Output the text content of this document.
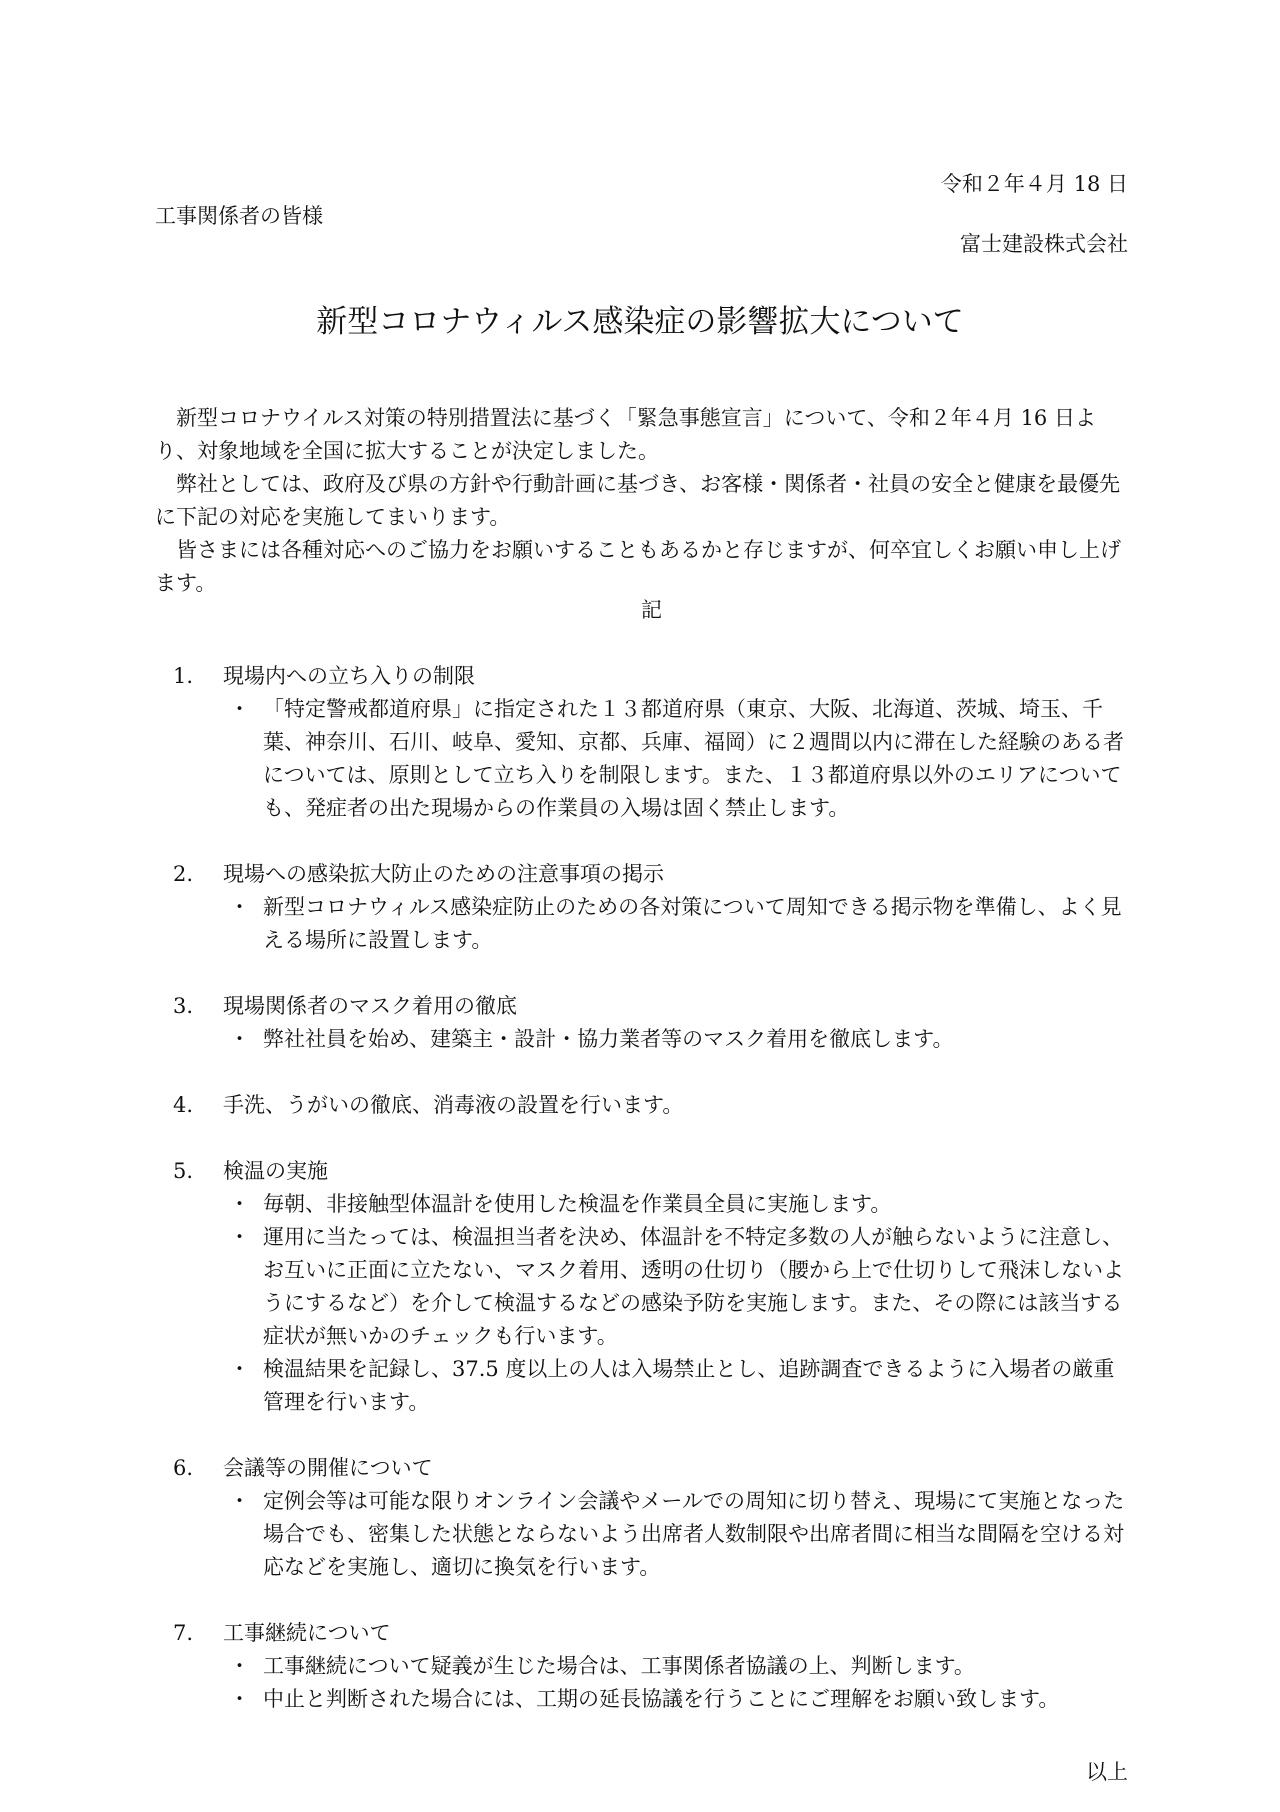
令和２年４月 18 日
工事関係者の皆様
富士建設株式会社
新型コロナウィルス感染症の影響拡大について

新型コロナウイルス対策の特別措置法に基づく「緊急事態宣言」について、令和２年４月 16 日より、対象地域を全国に拡大することが決定しました。

弊社としては、政府及び県の方針や行動計画に基づき、お客様・関係者・社員の安全と健康を最優先に下記の対応を実施してまいります。

皆さまには各種対応へのご協力をお願いすることもあるかと存じますが、何卒宜しくお願い申し上げます。

記
1. 現場内への立ち入りの制限
・ 「特定警戒都道府県」に指定された１３都道府県（東京、大阪、北海道、茨城、埼玉、千葉、神奈川、石川、岐阜、愛知、京都、兵庫、福岡）に２週間以内に滞在した経験のある者については、原則として立ち入りを制限します。また、１３都道府県以外のエリアについても、発症者の出た現場からの作業員の入場は固く禁止します。
2. 現場への感染拡大防止のための注意事項の掲示
・ 新型コロナウィルス感染症防止のための各対策について周知できる掲示物を準備し、よく見える場所に設置します。
3. 現場関係者のマスク着用の徹底
・ 弊社社員を始め、建築主・設計・協力業者等のマスク着用を徹底します。
4. 手洗、うがいの徹底、消毒液の設置を行います。
5. 検温の実施
・ 毎朝、非接触型体温計を使用した検温を作業員全員に実施します。
・ 運用に当たっては、検温担当者を決め、体温計を不特定多数の人が触らないように注意し、お互いに正面に立たない、マスク着用、透明の仕切り（腰から上で仕切りして飛沫しないようにするなど）を介して検温するなどの感染予防を実施します。また、その際には該当する症状が無いかのチェックも行います。
・ 検温結果を記録し、37.5 度以上の人は入場禁止とし、追跡調査できるように入場者の厳重管理を行います。
6. 会議等の開催について
・ 定例会等は可能な限りオンライン会議やメールでの周知に切り替え、現場にて実施となった場合でも、密集した状態とならないよう出席者人数制限や出席者間に相当な間隔を空ける対応などを実施し、適切に換気を行います。
7. 工事継続について
・ 工事継続について疑義が生じた場合は、工事関係者協議の上、判断します。
・ 中止と判断された場合には、工期の延長協議を行うことにご理解をお願い致します。
以上
